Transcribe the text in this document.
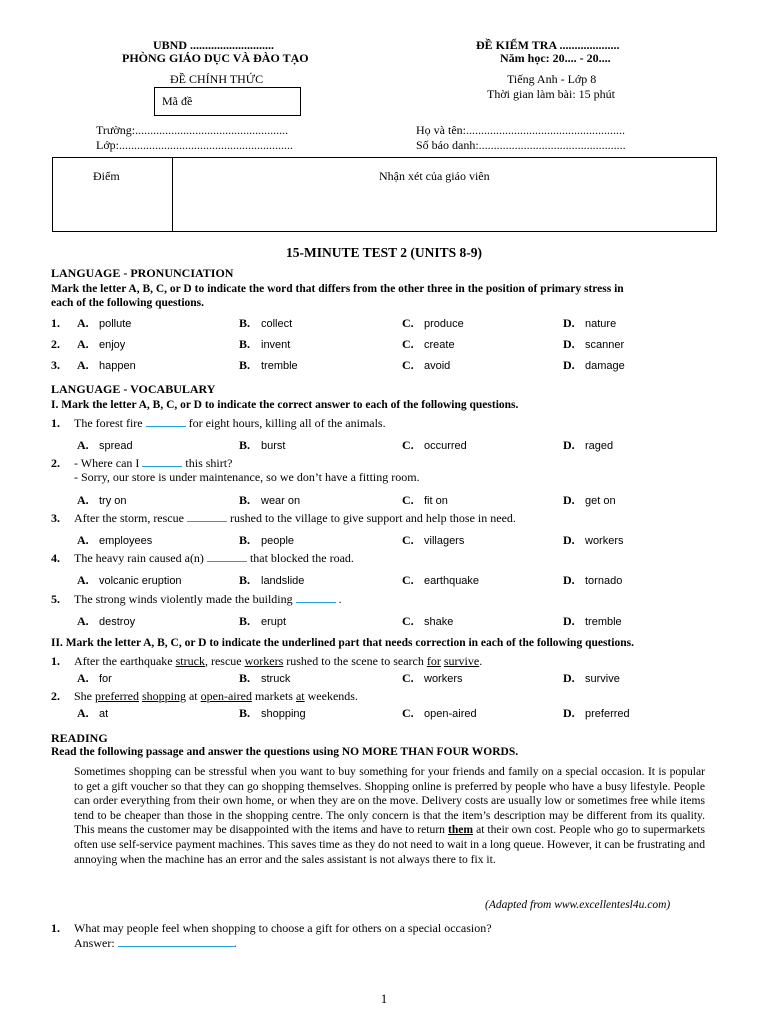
UBND ............................
PHÒNG GIÁO DỤC VÀ ĐÀO TẠO
ĐỀ CHÍNH THỨC
Mã đề
ĐỀ KIỂM TRA ....................
Năm học: 20.... - 20....
Tiếng Anh - Lớp 8
Thời gian làm bài: 15 phút
Trường:...................................................
Lớp:..........................................................
Họ và tên:.....................................................
Số báo danh:.................................................
Điểm	Nhận xét của giáo viên
15-MINUTE TEST 2 (UNITS 8-9)
LANGUAGE - PRONUNCIATION
Mark the letter A, B, C, or D to indicate the word that differs from the other three in the position of primary stress in
each of the following questions.
1. A. pollute	B. collect	C. produce	D. nature
2. A. enjoy	B. invent	C. create	D. scanner
3. A. happen	B. tremble	C. avoid	D. damage
LANGUAGE - VOCABULARY
I. Mark the letter A, B, C, or D to indicate the correct answer to each of the following questions.
1. The forest fire	for eight hours, killing all of the animals.
A. spread	B. burst	C. occurred	D. raged
2. - Where can I	this shirt?
- Sorry, our store is under maintenance, so we don’t have a fitting room.
A. try on	B. wear on	C. fit on	D. get on
3. After the storm, rescue	rushed to the village to give support and help those in need.
A. employees	B. people	C. villagers	D. workers
4. The heavy rain caused a(n)	that blocked the road.
A. volcanic eruption	B. landslide	C. earthquake	D. tornado
5. The strong winds violently made the building	.
A. destroy	B. erupt	C. shake	D. tremble
II. Mark the letter A, B, C, or D to indicate the underlined part that needs correction in each of the following questions.
1. After the earthquake struck, rescue workers rushed to the scene to search for survive.
A. for	B. struck	C. workers	D. survive
2. She preferred shopping at open-aired markets at weekends.
A. at	B. shopping	C. open-aired	D. preferred
READING
Read the following passage and answer the questions using NO MORE THAN FOUR WORDS.
Sometimes shopping can be stressful when you want to buy something for your friends and family on a special occasion. It is popular to get a gift voucher so that they can go shopping themselves. Shopping online is preferred by people who have a busy lifestyle. People can order everything from their own home, or when they are on the move. Delivery costs are usually low or sometimes free while items tend to be cheaper than those in the shopping centre. The only concern is that the item’s description may be different from its quality. This means the customer may be disappointed with the items and have to return them at their own cost. People who go to supermarkets often use self-service payment machines. This saves time as they do not need to wait in a long queue. However, it can be frustrating and annoying when the machine has an error and the sales assistant is not always there to fix it.
(Adapted from www.excellentesl4u.com)
1. What may people feel when shopping to choose a gift for others on a special occasion?
Answer:	.
1
